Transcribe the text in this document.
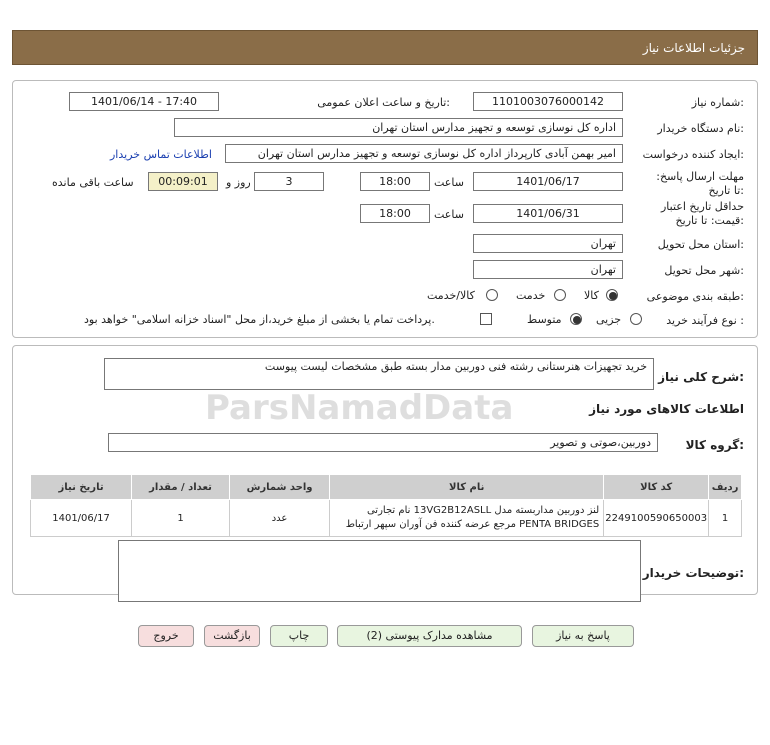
جزئیات اطلاعات نیاز
شماره نیاز:
1101003076000142
تاریخ و ساعت اعلان عمومی:
1401/06/14 - 17:40
نام دستگاه خریدار:
اداره کل نوسازی توسعه و تجهیز مدارس استان تهران
ایجاد کننده درخواست:
امیر بهمن آبادی کارپرداز اداره کل نوسازی توسعه و تجهیز مدارس استان تهران
اطلاعات تماس خریدار
مهلت ارسال پاسخ: تا تاریخ:
1401/06/17
ساعت
18:00
3
روز و
00:09:01
ساعت باقی مانده
حداقل تاریخ اعتبار قیمت: تا تاریخ:
1401/06/31
ساعت
18:00
استان محل تحویل:
تهران
شهر محل تحویل:
تهران
طبقه بندی موضوعی:
کالا
خدمت
کالا/خدمت
نوع فرآیند خرید :
جزیی
متوسط
پرداخت تمام یا بخشی از مبلغ خرید،از محل "اسناد خزانه اسلامی" خواهد بود.
شرح کلی نیاز:
خرید تجهیزات هنرستانی رشته فنی دوربین مدار بسته طبق مشخصات لیست پیوست
اطلاعات کالاهای مورد نیاز
گروه کالا:
دوربین،صوتی و تصویر
ردیف	کد کالا	نام کالا	واحد شمارش	تعداد / مقدار	تاریخ نیاز
1	2249100590650003	لنز دوربین مداربسته مدل 13VG2B12ASLL نام تجارتی PENTA BRIDGES مرجع عرضه کننده فن آوران سپهر ارتباط	عدد	1	1401/06/17
توضیحات خریدار:
ParsNamadData
پاسخ به نیاز
مشاهده مدارک پیوستی (2)
چاپ
بازگشت
خروج
